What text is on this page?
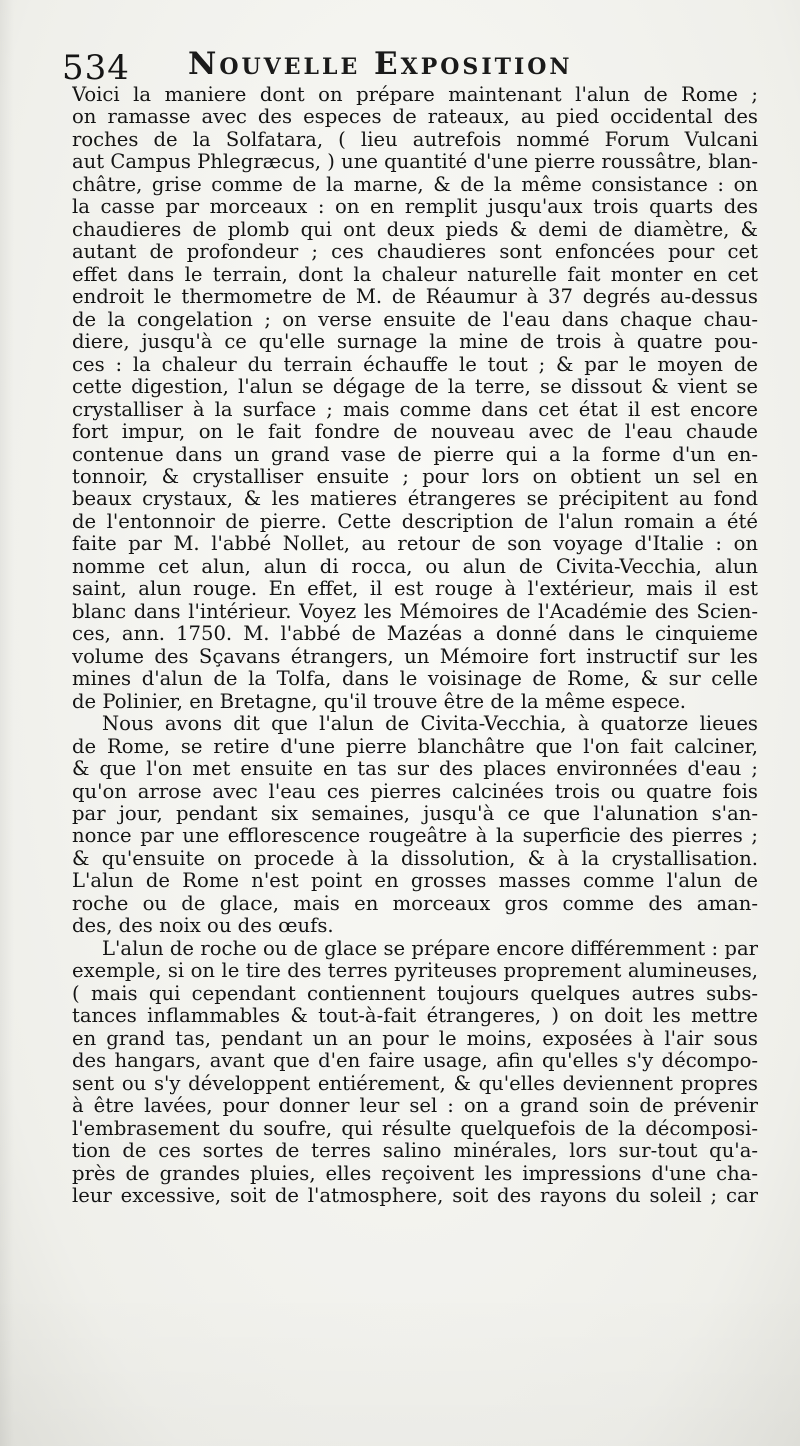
534 Nouvelle Exposition
Voici la maniere dont on prépare maintenant l'alun de Rome ;
on ramasse avec des especes de rateaux, au pied occidental des
roches de la Solfatara, ( lieu autrefois nommé Forum Vulcani
aut Campus Phlegræcus, ) une quantité d'une pierre roussâtre, blan-
châtre, grise comme de la marne, & de la même consistance : on
la casse par morceaux : on en remplit jusqu'aux trois quarts des
chaudieres de plomb qui ont deux pieds & demi de diamètre, &
autant de profondeur ; ces chaudieres sont enfoncées pour cet
effet dans le terrain, dont la chaleur naturelle fait monter en cet
endroit le thermometre de M. de Réaumur à 37 degrés au-dessus
de la congelation ; on verse ensuite de l'eau dans chaque chau-
diere, jusqu'à ce qu'elle surnage la mine de trois à quatre pou-
ces : la chaleur du terrain échauffe le tout ; & par le moyen de
cette digestion, l'alun se dégage de la terre, se dissout & vient se
crystalliser à la surface ; mais comme dans cet état il est encore
fort impur, on le fait fondre de nouveau avec de l'eau chaude
contenue dans un grand vase de pierre qui a la forme d'un en-
tonnoir, & crystalliser ensuite ; pour lors on obtient un sel en
beaux crystaux, & les matieres étrangeres se précipitent au fond
de l'entonnoir de pierre. Cette description de l'alun romain a été
faite par M. l'abbé Nollet, au retour de son voyage d'Italie : on
nomme cet alun, alun di rocca, ou alun de Civita-Vecchia, alun
saint, alun rouge. En effet, il est rouge à l'extérieur, mais il est
blanc dans l'intérieur. Voyez les Mémoires de l'Académie des Scien-
ces, ann. 1750. M. l'abbé de Mazéas a donné dans le cinquieme
volume des Sçavans étrangers, un Mémoire fort instructif sur les
mines d'alun de la Tolfa, dans le voisinage de Rome, & sur celle
de Polinier, en Bretagne, qu'il trouve être de la même espece.
Nous avons dit que l'alun de Civita-Vecchia, à quatorze lieues
de Rome, se retire d'une pierre blanchâtre que l'on fait calciner,
& que l'on met ensuite en tas sur des places environnées d'eau ;
qu'on arrose avec l'eau ces pierres calcinées trois ou quatre fois
par jour, pendant six semaines, jusqu'à ce que l'alunation s'an-
nonce par une efflorescence rougeâtre à la superficie des pierres ;
& qu'ensuite on procede à la dissolution, & à la crystallisation.
L'alun de Rome n'est point en grosses masses comme l'alun de
roche ou de glace, mais en morceaux gros comme des aman-
des, des noix ou des œufs.
L'alun de roche ou de glace se prépare encore différemment : par
exemple, si on le tire des terres pyriteuses proprement alumineuses,
( mais qui cependant contiennent toujours quelques autres subs-
tances inflammables & tout-à-fait étrangeres, ) on doit les mettre
en grand tas, pendant un an pour le moins, exposées à l'air sous
des hangars, avant que d'en faire usage, afin qu'elles s'y décompo-
sent ou s'y développent entiérement, & qu'elles deviennent propres
à être lavées, pour donner leur sel : on a grand soin de prévenir
l'embrasement du soufre, qui résulte quelquefois de la décomposi-
tion de ces sortes de terres salino minérales, lors sur-tout qu'a-
près de grandes pluies, elles reçoivent les impressions d'une cha-
leur excessive, soit de l'atmosphere, soit des rayons du soleil ; car
